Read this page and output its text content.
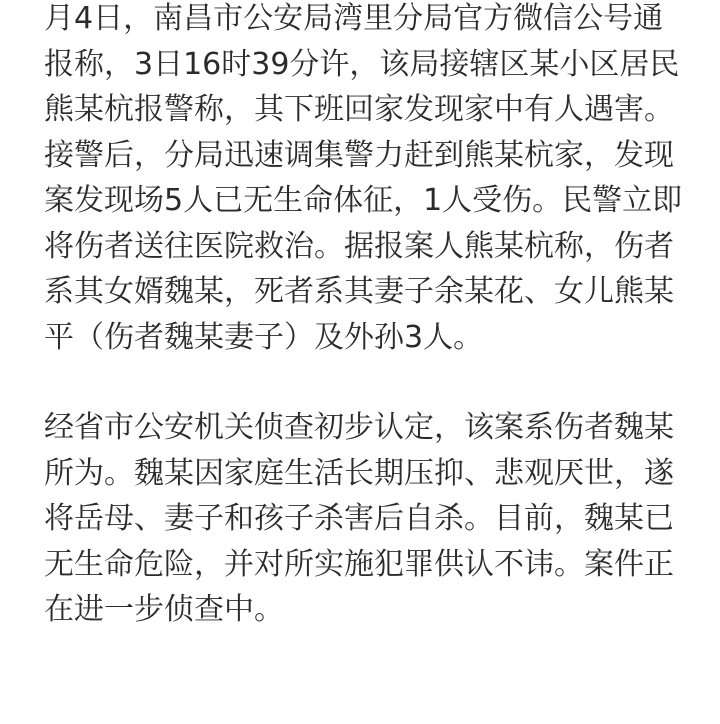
月4日，南昌市公安局湾里分局官方微信公号通
报称，3日16时39分许，该局接辖区某小区居民
熊某杭报警称，其下班回家发现家中有人遇害。
接警后，分局迅速调集警力赶到熊某杭家，发现
案发现场5人已无生命体征，1人受伤。民警立即
将伤者送往医院救治。据报案人熊某杭称，伤者
系其女婿魏某，死者系其妻子余某花、女儿熊某
平（伤者魏某妻子）及外孙3人。

经省市公安机关侦查初步认定，该案系伤者魏某
所为。魏某因家庭生活长期压抑、悲观厌世，遂
将岳母、妻子和孩子杀害后自杀。目前，魏某已
无生命危险，并对所实施犯罪供认不讳。案件正
在进一步侦查中。
